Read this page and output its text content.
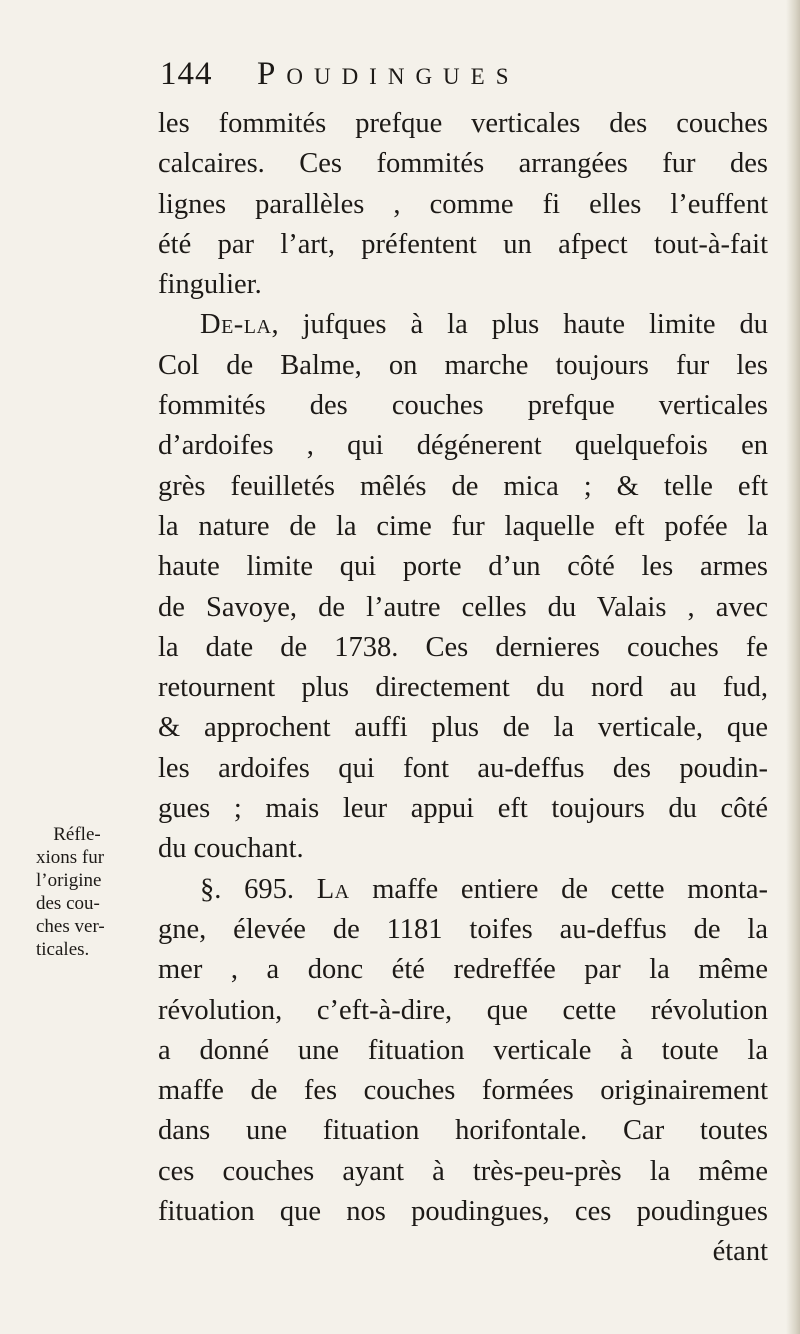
144 Poudingues
Réfle-
xions fur
l’origine
des cou-
ches ver-
ticales.
les fommités prefque verticales des couches
calcaires. Ces fommités arrangées fur des
lignes parallèles , comme fi elles l’euffent
été par l’art, préfentent un afpect tout-à-fait
fingulier.
De-la, jufques à la plus haute limite du
Col de Balme, on marche toujours fur les
fommités des couches prefque verticales
d’ardoifes , qui dégénerent quelquefois en
grès feuilletés mêlés de mica ; & telle eft
la nature de la cime fur laquelle eft pofée la
haute limite qui porte d’un côté les armes
de Savoye, de l’autre celles du Valais , avec
la date de 1738. Ces dernieres couches fe
retournent plus directement du nord au fud,
& approchent auffi plus de la verticale, que
les ardoifes qui font au-deffus des poudin-
gues ; mais leur appui eft toujours du côté
du couchant.
§. 695. La maffe entiere de cette monta-
gne, élevée de 1181 toifes au-deffus de la
mer , a donc été redreffée par la même
révolution, c’eft-à-dire, que cette révolution
a donné une fituation verticale à toute la
maffe de fes couches formées originairement
dans une fituation horifontale. Car toutes
ces couches ayant à très-peu-près la même
fituation que nos poudingues, ces poudingues
étant
